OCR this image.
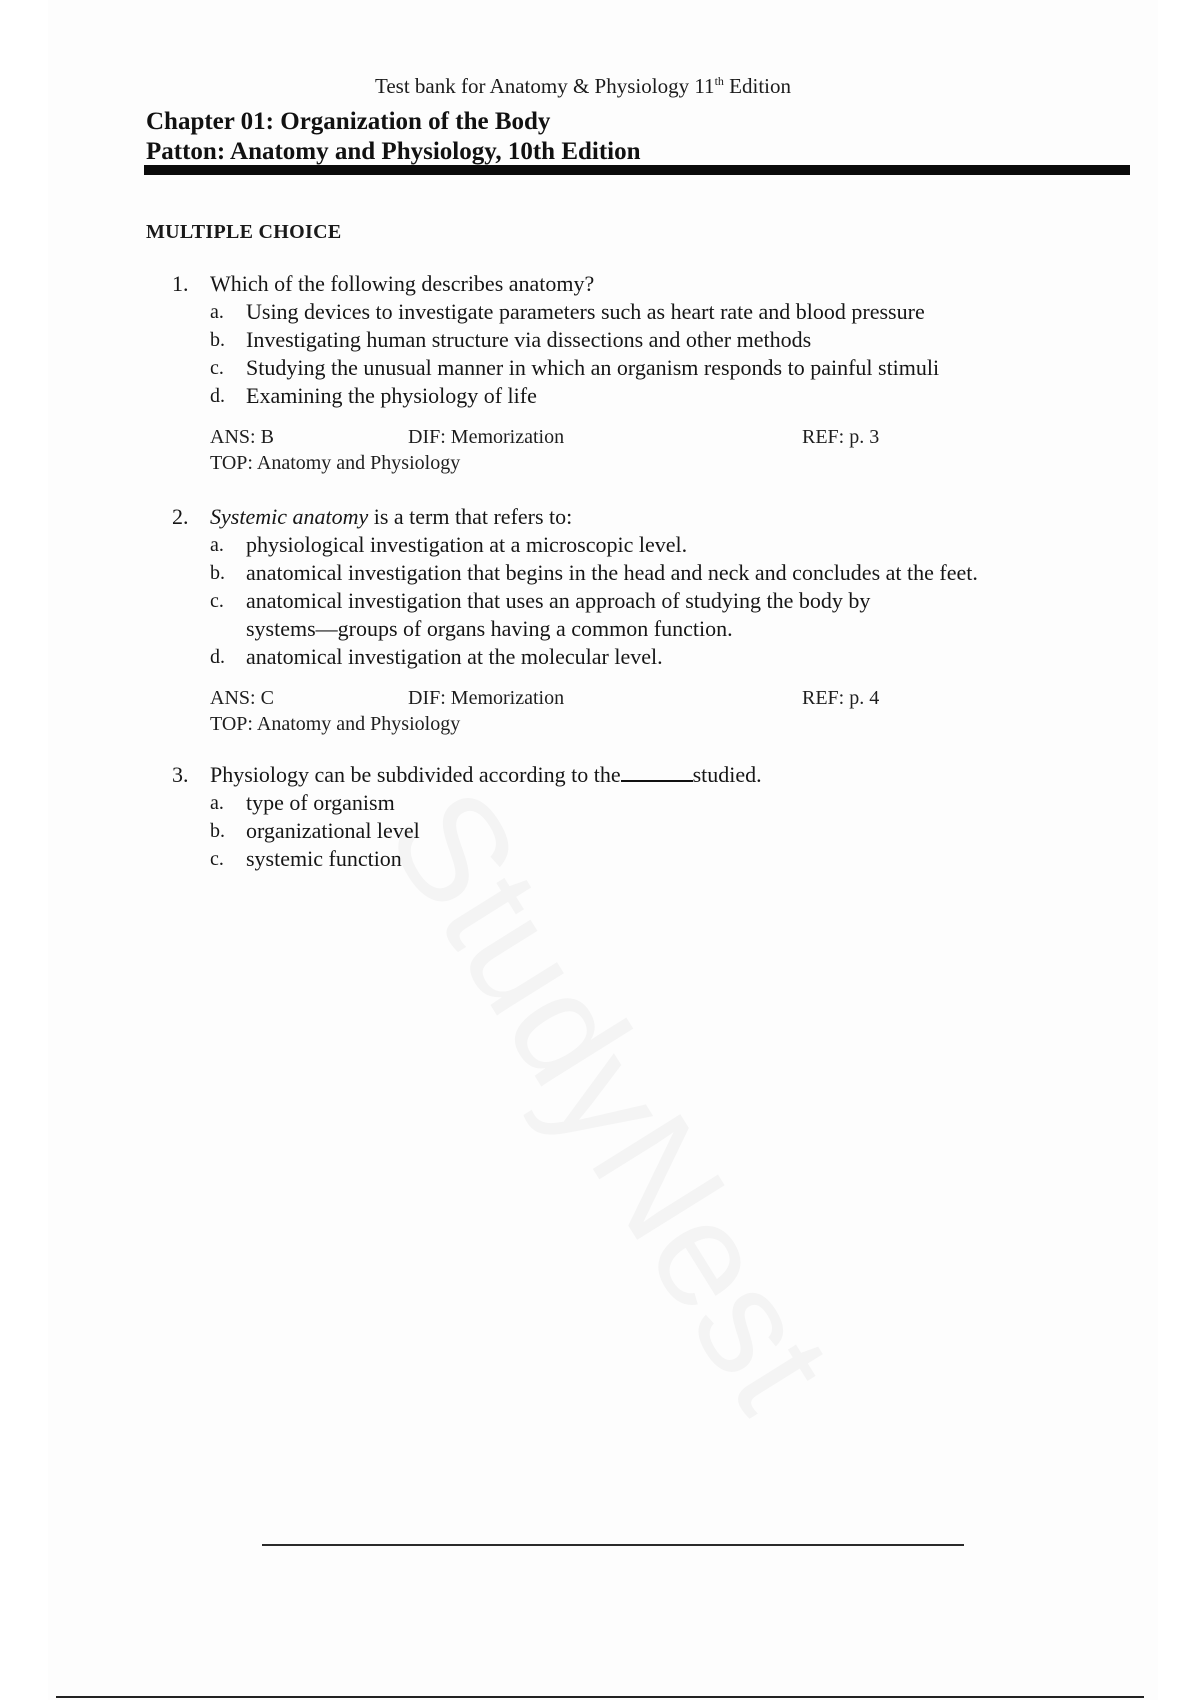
Test bank for Anatomy & Physiology 11th Edition
Chapter 01: Organization of the Body
Patton: Anatomy and Physiology, 10th Edition
MULTIPLE CHOICE
1. Which of the following describes anatomy?
a.	Using devices to investigate parameters such as heart rate and blood pressure
b. Investigating human structure via dissections and other methods
c.	Studying the unusual manner in which an organism responds to painful stimuli
d. Examining the physiology of life
ANS: B	DIF: Memorization	REF: p. 3
TOP: Anatomy and Physiology
2. Systemic anatomy is a term that refers to:
a.	physiological investigation at a microscopic level.
b. anatomical investigation that begins in the head and neck and concludes at the feet.
c.	anatomical investigation that uses an approach of studying the body by systems—groups of organs having a common function.
d. anatomical investigation at the molecular level.
ANS: C	DIF: Memorization	REF: p. 4
TOP: Anatomy and Physiology
3. Physiology can be subdivided according to the	studied.
a.	type of organism
b. organizational level
c.	systemic function
